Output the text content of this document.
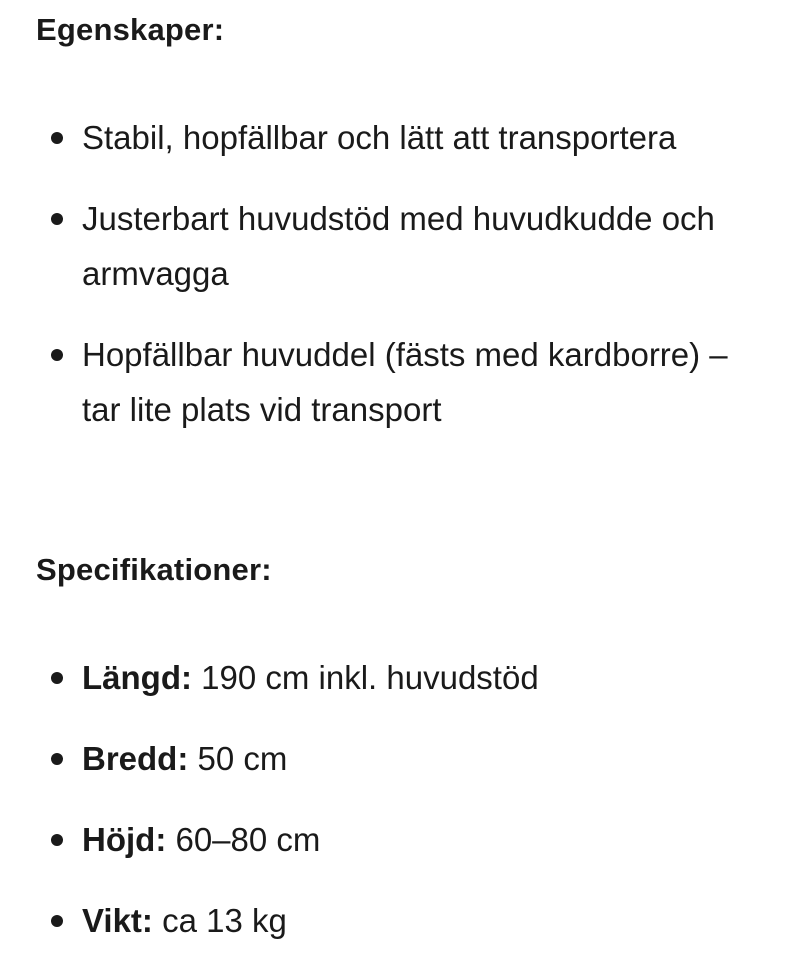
Egenskaper:
Stabil, hopfällbar och lätt att transportera
Justerbart huvudstöd med huvudkudde och armvagga
Hopfällbar huvuddel (fästs med kardborre) – tar lite plats vid transport
Specifikationer:
Längd: 190 cm inkl. huvudstöd
Bredd: 50 cm
Höjd: 60–80 cm
Vikt: ca 13 kg
